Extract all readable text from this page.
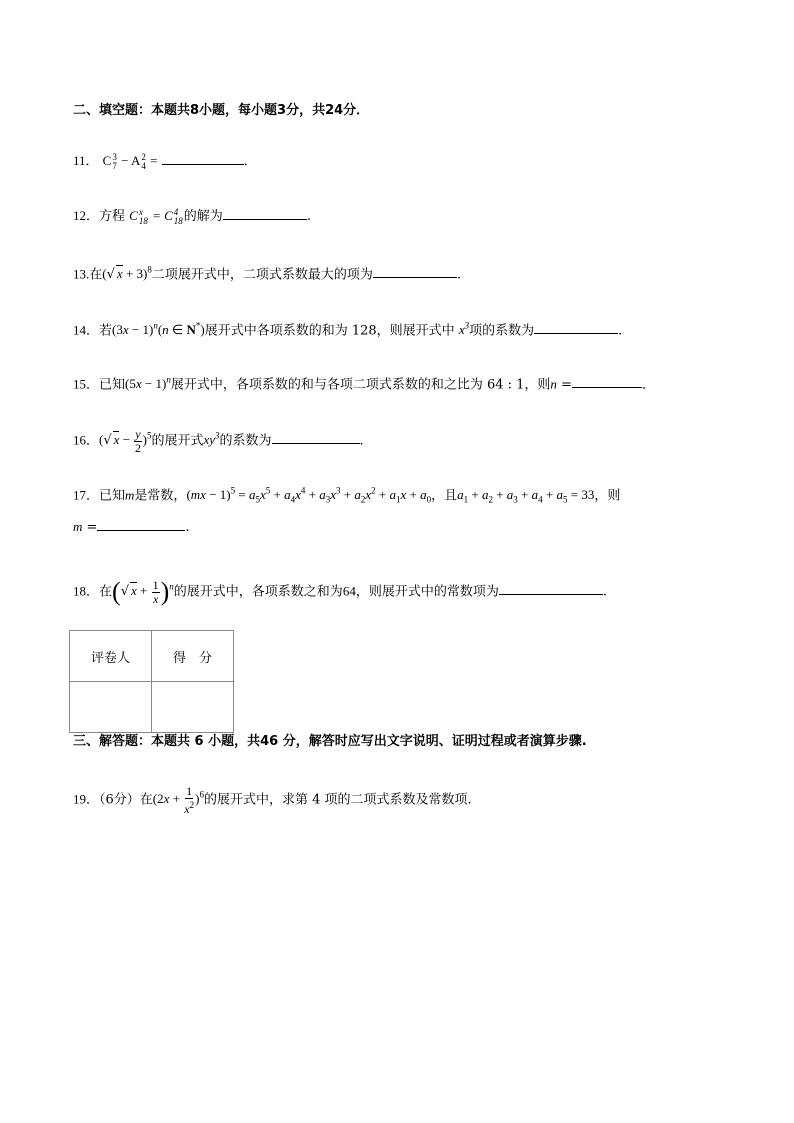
二、填空题：本题共8小题，每小题3分，共24分．
11． C 3
7 − A 2
4 =	．
12．方程 C x
18 = C 4
18 的解为	.
13.在(√ x + 3)$^8$二项展开式中，二项式系数最大的项为	.
14．若$(3x - 1)^n(n$ ∈ N*)展开式中各项系数的和为 128，则展开式中 $x^3$项的系数为	.
15．已知$(5x - 1)^n$展开式中，各项系数的和与各项二项式系数的和之比为 64 : 1，则n =	．
16．(√ $x - \frac{y}{2} )^5$的展开式$xy^3$的系数为	.
17．已知m是常数，$(mx - 1)^5 = a_5x^5 + a_4x^4 + a_3x^3 + a_2x^2 + a_1x + a_0$，且$a_1 + a_2 + a_3 + a_4 + a_5 = 33$，则
m =	.
18．在(√ $x + \frac{1}{x} )^n$的展开式中，各项系数之和为64，则展开式中的常数项为	.
评卷人	得　分

三、解答题：本题共 6 小题，共46 分，解答时应写出文字说明、证明过程或者演算步骤.
19．（6分）在$(2x + \frac{1}{x^2} )^6$的展开式中，求第 4 项的二项式系数及常数项.
